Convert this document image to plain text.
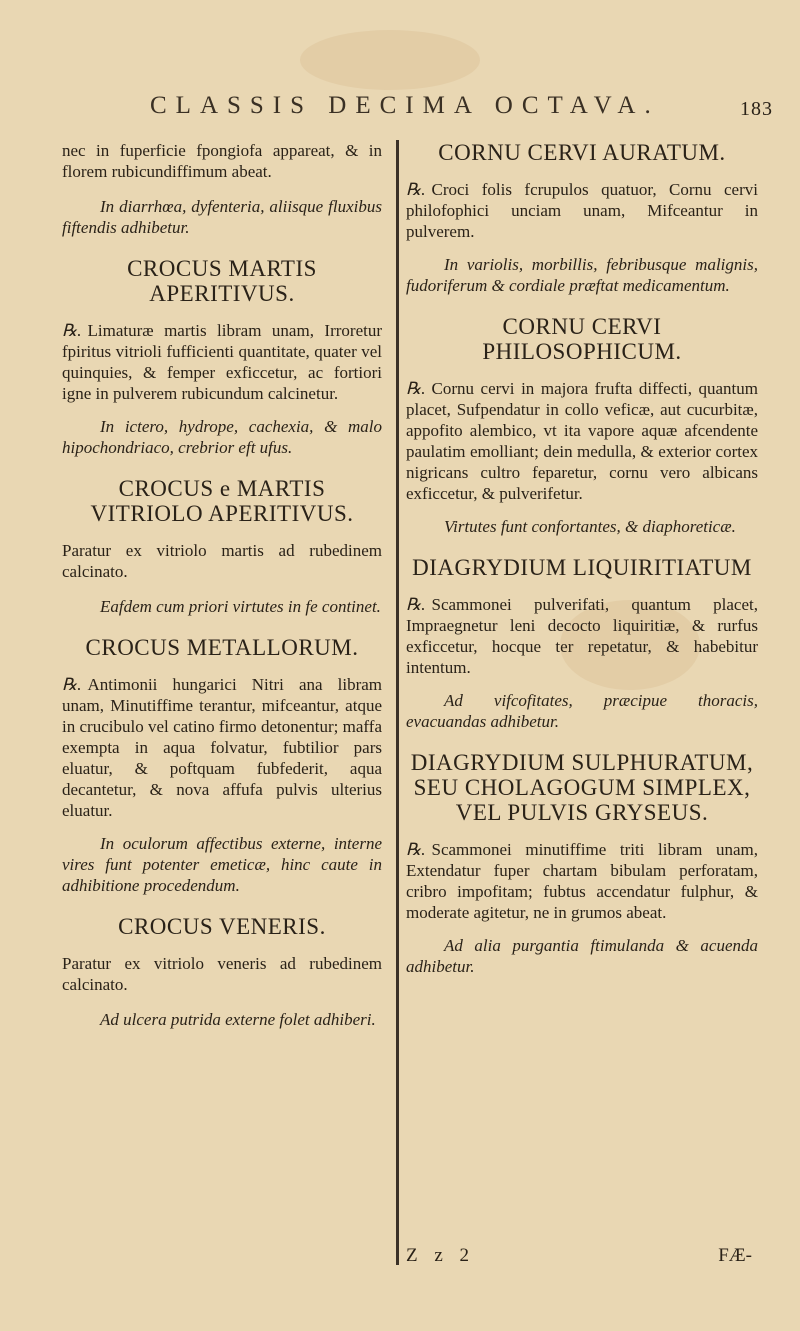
CLASSIS DECIMA OCTAVA.	183
nec in fuperficie fpongiofa appareat, & in florem rubicundiffimum abeat.
In diarrhœa, dyfenteria, aliisque fluxibus fiftendis adhibetur.
CROCUS MARTIS APERITIVUS.
℞. Limaturæ martis libram unam, Irroretur fpiritus vitrioli fufficienti quantitate, quater vel quinquies, & femper exficcetur, ac fortiori igne in pulverem rubicundum calcinetur.
In ictero, hydrope, cachexia, & malo hipochondriaco, crebrior eft ufus.
CROCUS e MARTIS VITRIOLO APERITIVUS.
Paratur ex vitriolo martis ad rubedinem calcinato.
Eafdem cum priori virtutes in fe continet.
CROCUS METALLORUM.
℞. Antimonii hungarici Nitri ana libram unam, Minutiffime terantur, mifceantur, atque in crucibulo vel catino firmo detonentur; maffa exempta in aqua folvatur, fubtilior pars eluatur, & poftquam fubfederit, aqua decantetur, & nova affufa pulvis ulterius eluatur.
In oculorum affectibus externe, interne vires funt potenter emeticæ, hinc caute in adhibitione procedendum.
CROCUS VENERIS.
Paratur ex vitriolo veneris ad rubedinem calcinato.
Ad ulcera putrida externe folet adhiberi.
CORNU CERVI AURATUM.
℞. Croci folis fcrupulos quatuor, Cornu cervi philofophici unciam unam, Mifceantur in pulverem.
In variolis, morbillis, febribusque malignis, fudoriferum & cordiale præftat medicamentum.
CORNU CERVI PHILOSOPHICUM.
℞. Cornu cervi in majora frufta diffecti, quantum placet, Sufpendatur in collo veficæ, aut cucurbitæ, appofito alembico, vt ita vapore aquæ afcendente paulatim emolliant; dein medulla, & exterior cortex nigricans cultro feparetur, cornu vero albicans exficcetur, & pulverifetur.
Virtutes funt confortantes, & diaphoreticæ.
DIAGRYDIUM LIQUIRITIATUM
℞. Scammonei pulverifati, quantum placet, Impraegnetur leni decocto liquiritiæ, & rurfus exficcetur, hocque ter repetatur, & habebitur intentum.
Ad vifcofitates, præcipue thoracis, evacuandas adhibetur.
DIAGRYDIUM SULPHURATUM, SEU CHOLAGOGUM SIMPLEX, VEL PULVIS GRYSEUS.
℞. Scammonei minutiffime triti libram unam, Extendatur fuper chartam bibulam perforatam, cribro impofitam; fubtus accendatur fulphur, & moderate agitetur, ne in grumos abeat.
Ad alia purgantia ftimulanda & acuenda adhibetur.
Z z 2	FÆ-
